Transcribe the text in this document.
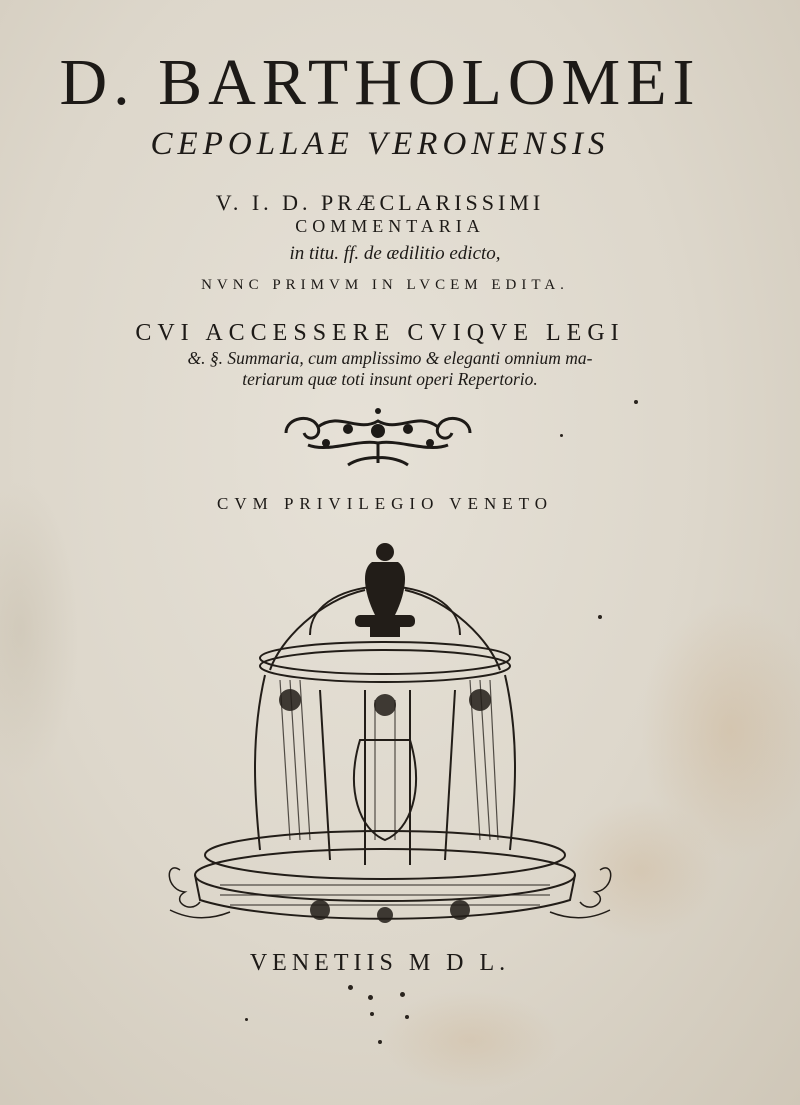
D. BARTHOLOMEI
CEPOLLAE VERONENSIS
V. I. D. PRÆCLARISSIMI
COMMENTARIA
in titu. ff. de ædilitio edicto,
NVNC PRIMVM IN LVCEM EDITA.
CVI ACCESSERE CVIQVE LEGI
&. §. Summaria, cum amplissimo & eleganti omnium ma-
teriarum quæ toti insunt operi Repertorio.
CVM PRIVILEGIO VENETO
VENETIIS M D L.
